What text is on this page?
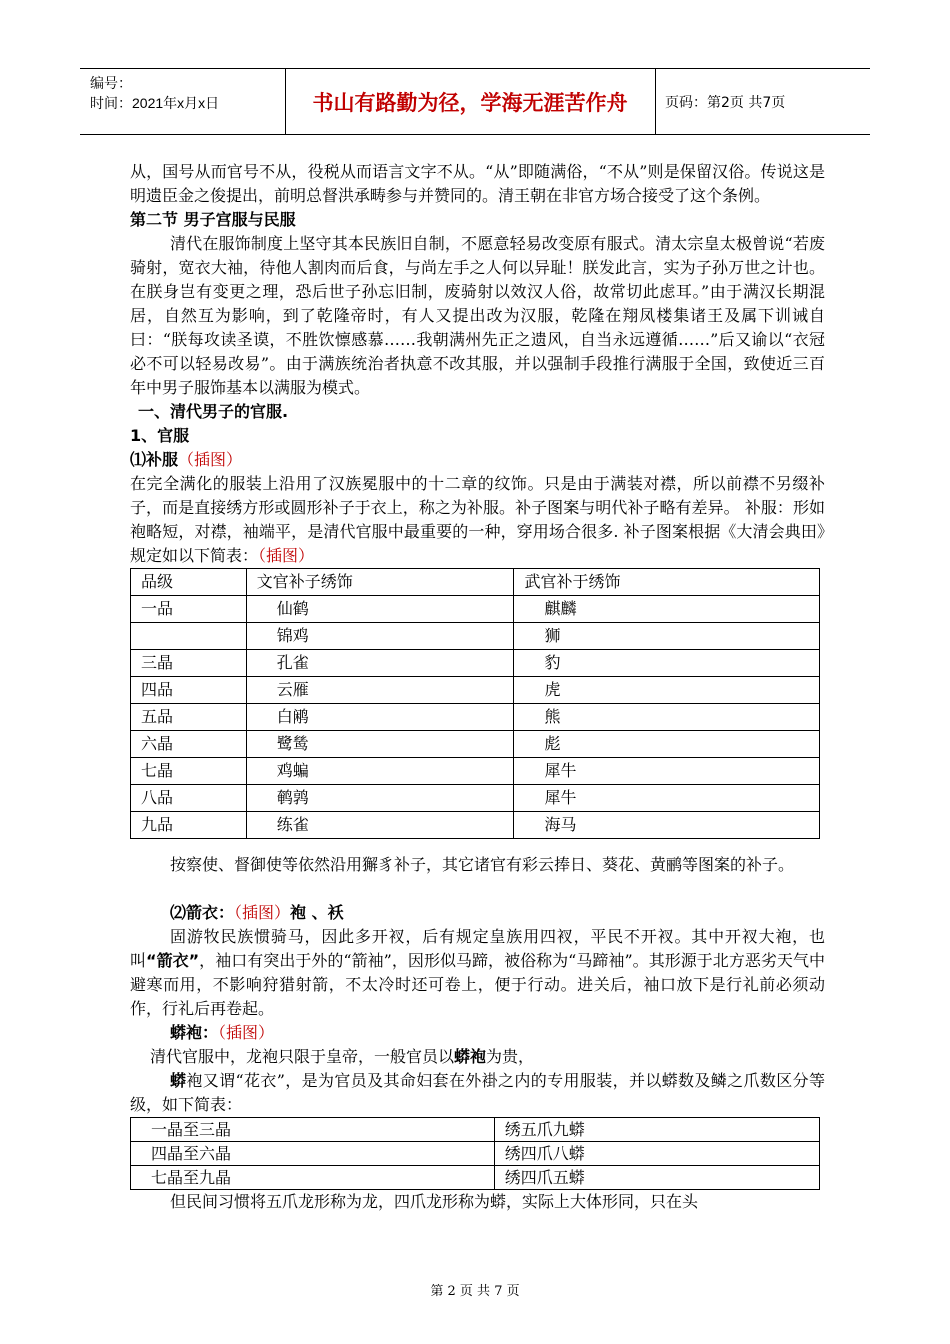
编号：
时间：2021年x月x日	书山有路勤为径，学海无涯苦作舟	页码：第2页 共7页

从，国号从而官号不从，役税从而语言文字不从。“从”即随满俗，“不从”则是保留汉俗。传说这是明遗臣金之俊提出，前明总督洪承畴参与并赞同的。清王朝在非官方场合接受了这个条例。

第二节 男子宫服与民服

清代在服饰制度上坚守其本民族旧自制，不愿意轻易改变原有服式。清太宗皇太极曾说“若废骑射，宽衣大袖，待他人割肉而后食，与尚左手之人何以异耻！朕发此言，实为子孙万世之计也。在朕身岂有变更之理，恐后世子孙忘旧制，废骑射以效汉人俗，故常切此虑耳。”由于满汉长期混居，自然互为影响，到了乾隆帝时，有人又提出改为汉服，乾隆在翔凤楼集诸王及属下训诫自曰：“朕每攻读圣谟，不胜饮懔感慕……我朝满州先正之遗风，自当永远遵循……”后又谕以“衣冠必不可以轻易改易”。由于满族统治者执意不改其服，并以强制手段推行满服于全国，致使近三百年中男子服饰基本以满服为模式。

一、清代男子的官服.

1、官服

⑴补服（插图）

在完全满化的服装上沿用了汉族冕服中的十二章的纹饰。只是由于满装对襟，所以前襟不另缀补子，而是直接绣方形或圆形补子于衣上，称之为补服。补子图案与明代补子略有差异。 补服：形如袍略短，对襟，袖端平，是清代官服中最重要的一种，穿用场合很多. 补子图案根据《大清会典田》规定如以下简表：（插图）

品级	文官补子绣饰	武官补于绣饰
一品	仙鹤	麒麟
	锦鸡	狮
三晶	孔雀	豹
四品	云雁	虎
五品	白鹇	熊
六晶	鹭鸶	彪
七晶	鸡蝙	犀牛
八品	鹌鹑	犀牛
九品	练雀	海马

按察使、督御使等依然沿用獬豸补子，其它诸官有彩云捧日、葵花、黄鹂等图案的补子。

⑵箭衣：（插图）袍 、袄

固游牧民族惯骑马，因此多开衩，后有规定皇族用四衩，平民不开衩。其中开衩大袍，也叫“箭衣”，袖口有突出于外的“箭袖”，因形似马蹄，被俗称为“马蹄袖”。其形源于北方恶劣天气中避寒而用，不影响狩猎射箭，不太冷时还可卷上，便于行动。进关后，袖口放下是行礼前必须动作，行礼后再卷起。

蟒袍：（插图）

清代官服中，龙袍只限于皇帝，一般官员以蟒袍为贵，

蟒袍又谓“花衣”，是为官员及其命妇套在外褂之内的专用服装，并以蟒数及鳞之爪数区分等级，如下简表：

一晶至三晶	绣五爪九蟒
四晶至六晶	绣四爪八蟒
七晶至九晶	绣四爪五蟒

但民间习惯将五爪龙形称为龙，四爪龙形称为蟒，实际上大体形同，只在头

第 2 页 共 7 页
